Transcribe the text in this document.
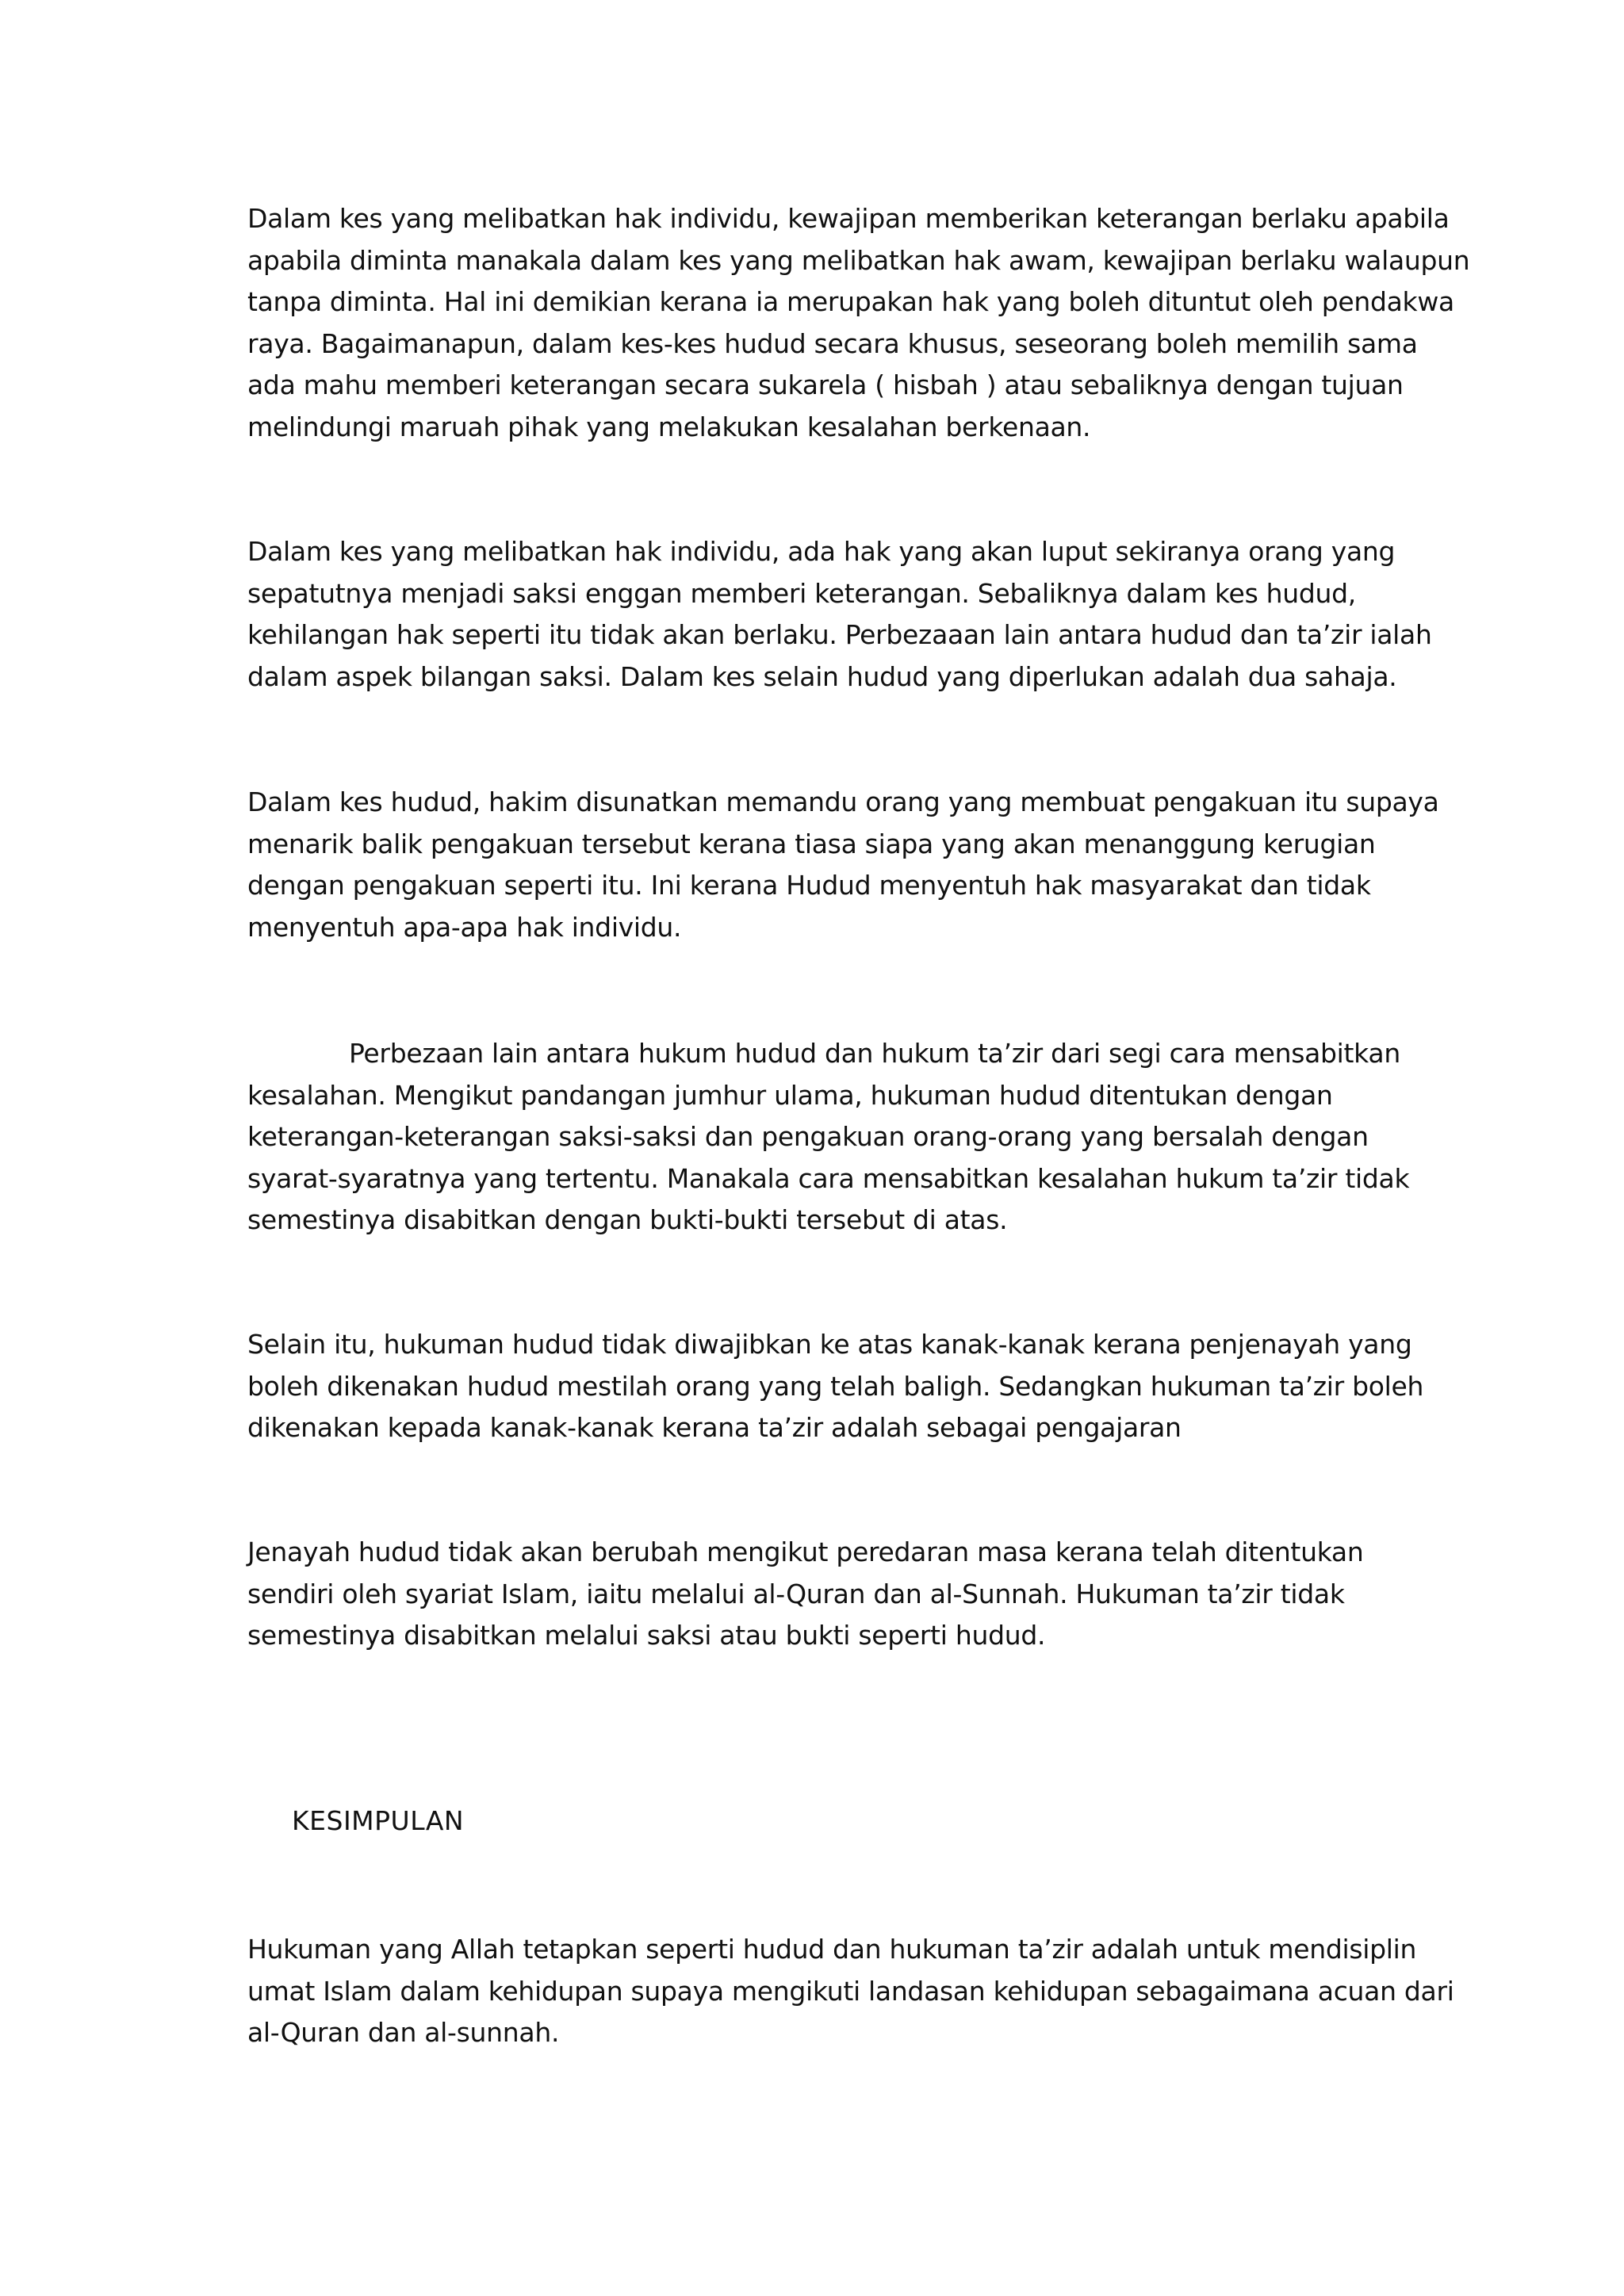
Dalam kes yang melibatkan hak individu, kewajipan memberikan keterangan berlaku apabila
apabila diminta manakala dalam kes yang melibatkan hak awam, kewajipan berlaku walaupun
tanpa diminta. Hal ini demikian kerana ia merupakan hak yang boleh dituntut oleh pendakwa
raya. Bagaimanapun, dalam kes-kes hudud secara khusus, seseorang boleh memilih sama
ada mahu memberi keterangan secara sukarela ( hisbah ) atau sebaliknya dengan tujuan
melindungi maruah pihak yang melakukan kesalahan berkenaan.

Dalam kes yang melibatkan hak individu, ada hak yang akan luput sekiranya orang yang
sepatutnya menjadi saksi enggan memberi keterangan. Sebaliknya dalam kes hudud,
kehilangan hak seperti itu tidak akan berlaku. Perbezaaan lain antara hudud dan ta’zir ialah
dalam aspek bilangan saksi. Dalam kes selain hudud yang diperlukan adalah dua sahaja.

Dalam kes hudud, hakim disunatkan memandu orang yang membuat pengakuan itu supaya
menarik balik pengakuan tersebut kerana tiasa siapa yang akan menanggung kerugian
dengan pengakuan seperti itu. Ini kerana Hudud menyentuh hak masyarakat dan tidak
menyentuh apa-apa hak individu.

Perbezaan lain antara hukum hudud dan hukum ta’zir dari segi cara mensabitkan
kesalahan. Mengikut pandangan jumhur ulama, hukuman hudud ditentukan dengan
keterangan-keterangan saksi-saksi dan pengakuan orang-orang yang bersalah dengan
syarat-syaratnya yang tertentu. Manakala cara mensabitkan kesalahan hukum ta’zir tidak
semestinya disabitkan dengan bukti-bukti tersebut di atas.

Selain itu, hukuman hudud tidak diwajibkan ke atas kanak-kanak kerana penjenayah yang
boleh dikenakan hudud mestilah orang yang telah baligh. Sedangkan hukuman ta’zir boleh
dikenakan kepada kanak-kanak kerana ta’zir adalah sebagai pengajaran

Jenayah hudud tidak akan berubah mengikut peredaran masa kerana telah ditentukan
sendiri oleh syariat Islam, iaitu melalui al-Quran dan al-Sunnah. Hukuman ta’zir tidak
semestinya disabitkan melalui saksi atau bukti seperti hudud.

KESIMPULAN

Hukuman yang Allah tetapkan seperti hudud dan hukuman ta’zir adalah untuk mendisiplin
umat Islam dalam kehidupan supaya mengikuti landasan kehidupan sebagaimana acuan dari
al-Quran dan al-sunnah.
